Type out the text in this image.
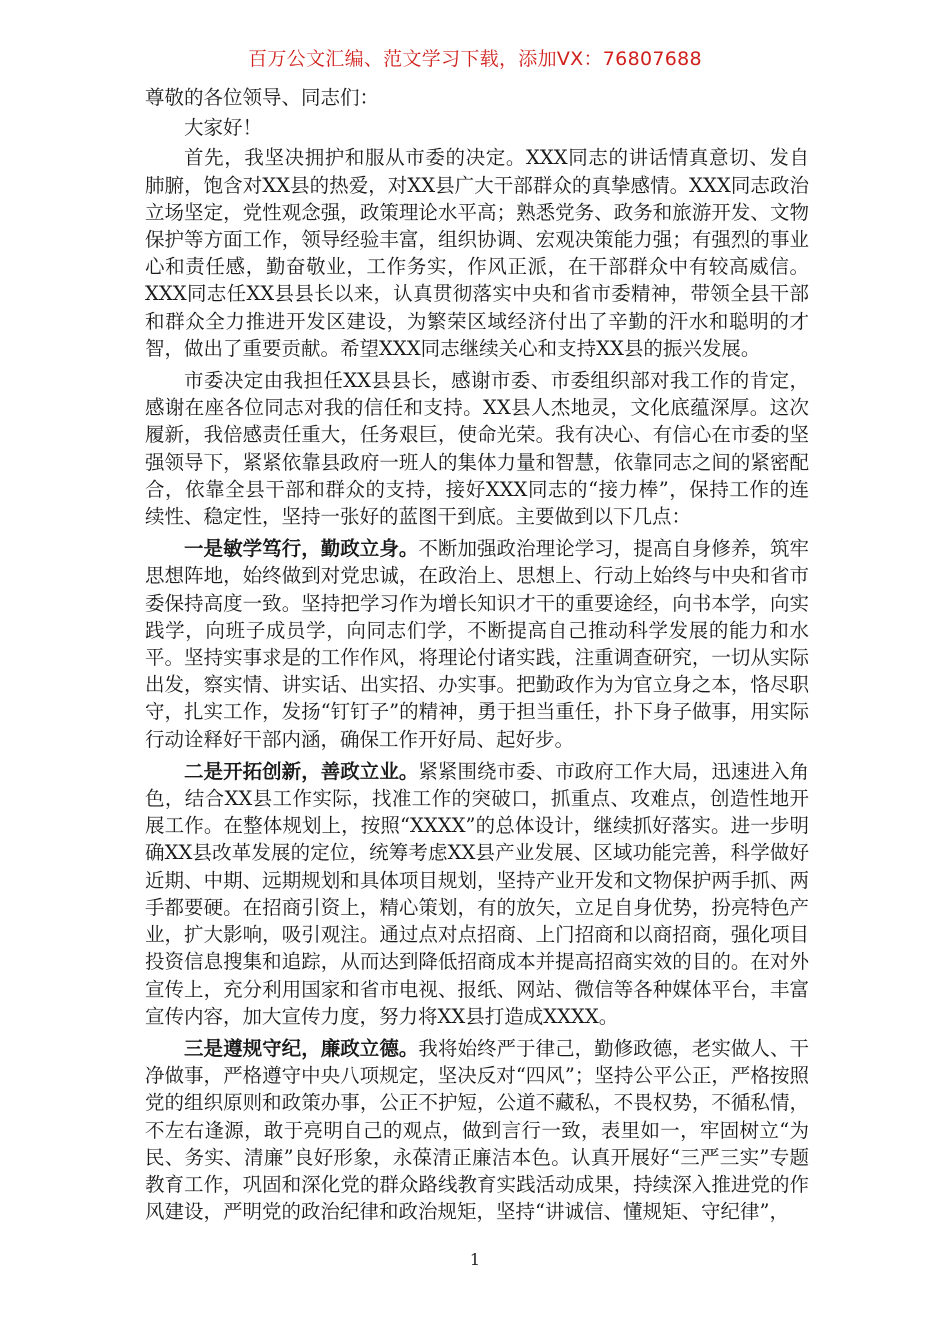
百万公文汇编、范文学习下载，添加VX：76807688

尊敬的各位领导、同志们：

大家好！

首先，我坚决拥护和服从市委的决定。XXX同志的讲话情真意切、发自肺腑，饱含对XX县的热爱，对XX县广大干部群众的真挚感情。XXX同志政治立场坚定，党性观念强，政策理论水平高；熟悉党务、政务和旅游开发、文物保护等方面工作，领导经验丰富，组织协调、宏观决策能力强；有强烈的事业心和责任感，勤奋敬业，工作务实，作风正派，在干部群众中有较高威信。XXX同志任XX县县长以来，认真贯彻落实中央和省市委精神，带领全县干部和群众全力推进开发区建设，为繁荣区域经济付出了辛勤的汗水和聪明的才智，做出了重要贡献。希望XXX同志继续关心和支持XX县的振兴发展。

市委决定由我担任XX县县长，感谢市委、市委组织部对我工作的肯定，感谢在座各位同志对我的信任和支持。XX县人杰地灵，文化底蕴深厚。这次履新，我倍感责任重大，任务艰巨，使命光荣。我有决心、有信心在市委的坚强领导下，紧紧依靠县政府一班人的集体力量和智慧，依靠同志之间的紧密配合，依靠全县干部和群众的支持，接好XXX同志的“接力棒”，保持工作的连续性、稳定性，坚持一张好的蓝图干到底。主要做到以下几点：

一是敏学笃行，勤政立身。不断加强政治理论学习，提高自身修养，筑牢思想阵地，始终做到对党忠诚，在政治上、思想上、行动上始终与中央和省市委保持高度一致。坚持把学习作为增长知识才干的重要途经，向书本学，向实践学，向班子成员学，向同志们学，不断提高自己推动科学发展的能力和水平。坚持实事求是的工作作风，将理论付诸实践，注重调查研究，一切从实际出发，察实情、讲实话、出实招、办实事。把勤政作为为官立身之本，恪尽职守，扎实工作，发扬“钉钉子”的精神，勇于担当重任，扑下身子做事，用实际行动诠释好干部内涵，确保工作开好局、起好步。

二是开拓创新，善政立业。紧紧围绕市委、市政府工作大局，迅速进入角色，结合XX县工作实际，找准工作的突破口，抓重点、攻难点，创造性地开展工作。在整体规划上，按照“XXXX”的总体设计，继续抓好落实。进一步明确XX县改革发展的定位，统筹考虑XX县产业发展、区域功能完善，科学做好近期、中期、远期规划和具体项目规划，坚持产业开发和文物保护两手抓、两手都要硬。在招商引资上，精心策划，有的放矢，立足自身优势，扮亮特色产业，扩大影响，吸引观注。通过点对点招商、上门招商和以商招商，强化项目投资信息搜集和追踪，从而达到降低招商成本并提高招商实效的目的。在对外宣传上，充分利用国家和省市电视、报纸、网站、微信等各种媒体平台，丰富宣传内容，加大宣传力度，努力将XX县打造成XXXX。

三是遵规守纪，廉政立德。我将始终严于律己，勤修政德，老实做人、干净做事，严格遵守中央八项规定，坚决反对“四风”；坚持公平公正，严格按照党的组织原则和政策办事，公正不护短，公道不藏私，不畏权势，不循私情，不左右逢源，敢于亮明自己的观点，做到言行一致，表里如一，牢固树立“为民、务实、清廉”良好形象，永葆清正廉洁本色。认真开展好“三严三实”专题教育工作，巩固和深化党的群众路线教育实践活动成果，持续深入推进党的作风建设，严明党的政治纪律和政治规矩，坚持“讲诚信、懂规矩、守纪律”，

1
